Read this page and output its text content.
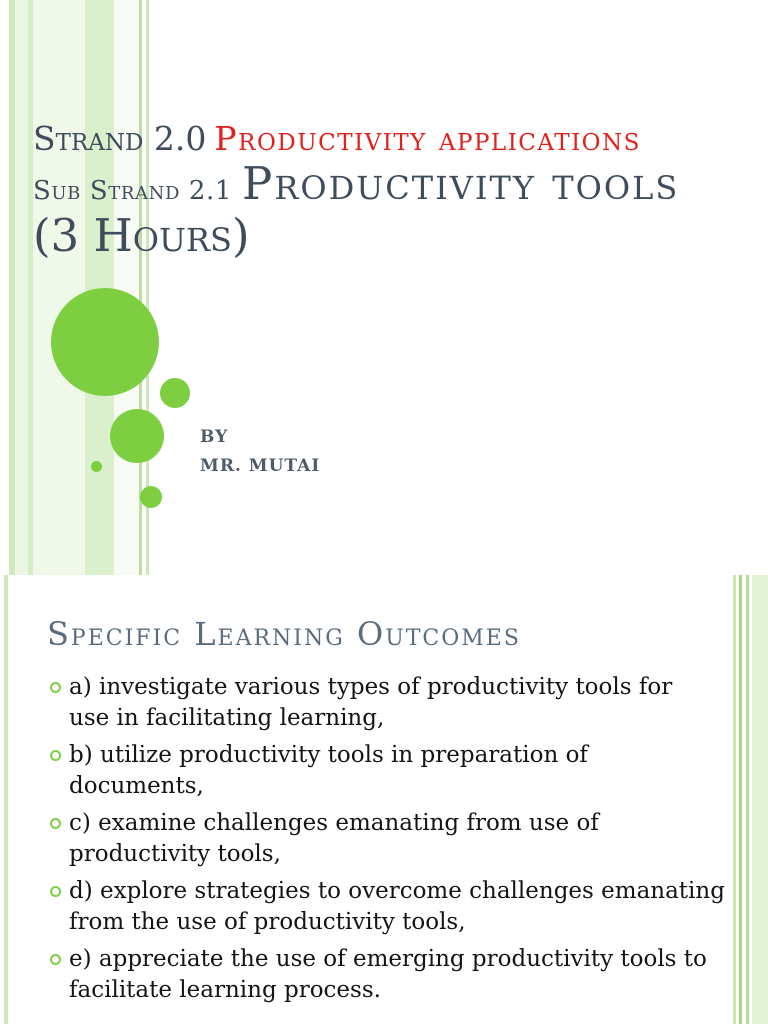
Strand 2.0 Productivity applications
Sub Strand 2.1 Productivity tools
(3 Hours)
BY
MR. MUTAI
Specific Learning Outcomes
a) investigate various types of productivity tools for
use in facilitating learning,
b) utilize productivity tools in preparation of
documents,
c) examine challenges emanating from use of
productivity tools,
d) explore strategies to overcome challenges emanating
from the use of productivity tools,
e) appreciate the use of emerging productivity tools to
facilitate learning process.
